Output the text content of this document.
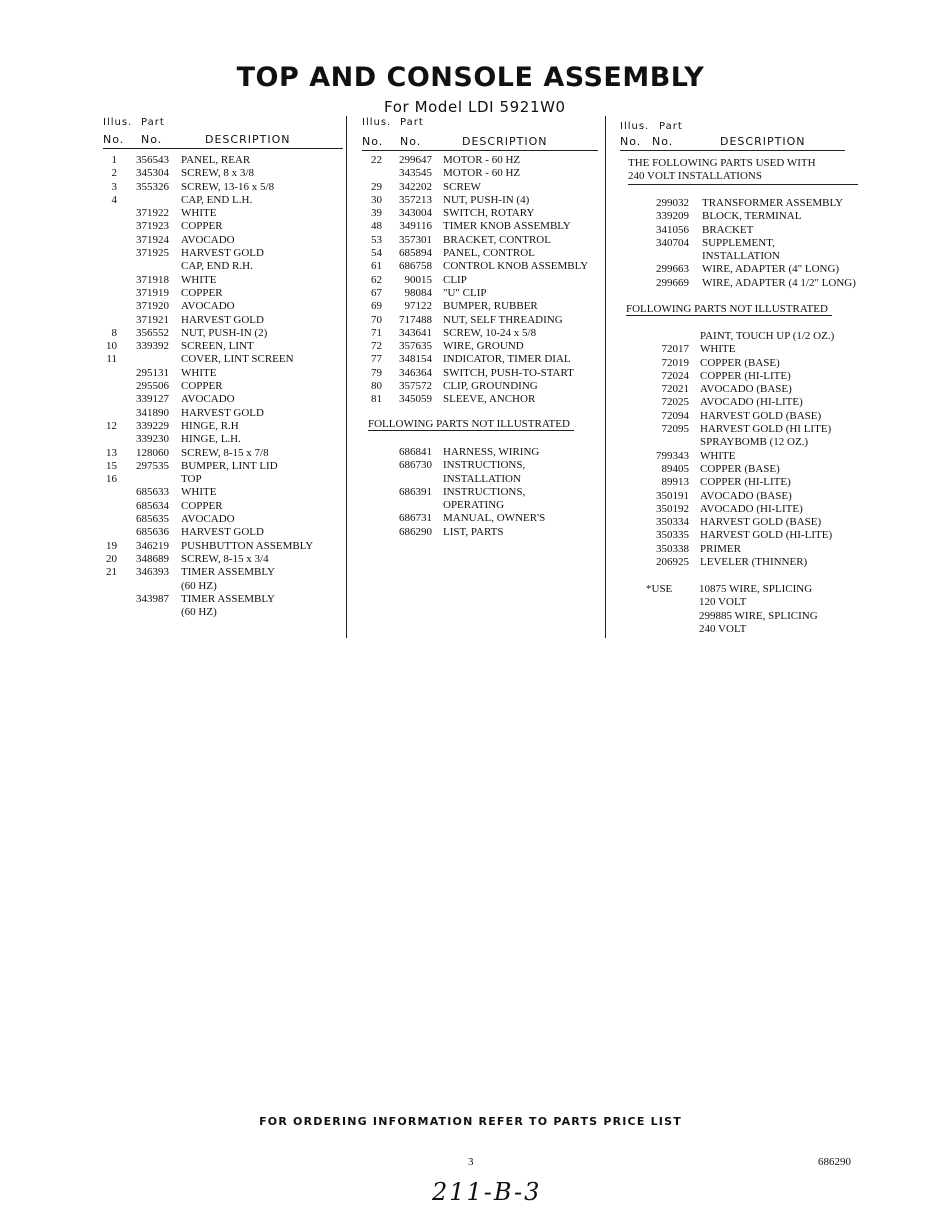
TOP AND CONSOLE ASSEMBLY
For Model LDI 5921W0
Illus. Part
No. No.	DESCRIPTION
1	356543 PANEL, REAR
2	345304 SCREW, 8 x 3/8
3	355326 SCREW, 13-16 x 5/8
4	CAP, END L.H.
371922 WHITE
371923 COPPER
371924 AVOCADO
371925 HARVEST GOLD
CAP, END R.H.
371918 WHITE
371919 COPPER
371920 AVOCADO
371921 HARVEST GOLD
8	356552 NUT, PUSH-IN (2)
10	339392 SCREEN, LINT
11	COVER, LINT SCREEN
295131 WHITE
295506 COPPER
339127 AVOCADO
341890 HARVEST GOLD
12	339229 HINGE, R.H
339230 HINGE, L.H.
13	128060 SCREW, 8-15 x 7/8
15	297535 BUMPER, LINT LID
16	TOP
685633 WHITE
685634 COPPER
685635 AVOCADO
685636 HARVEST GOLD
19	346219 PUSHBUTTON ASSEMBLY
20	348689 SCREW, 8-15 x 3/4
21	346393 TIMER ASSEMBLY
(60 HZ)
343987 TIMER ASSEMBLY
(60 HZ)
Illus. Part
No. No.	DESCRIPTION
22	299647 MOTOR - 60 HZ
343545 MOTOR - 60 HZ
29	342202 SCREW
30	357213 NUT, PUSH-IN (4)
39	343004 SWITCH, ROTARY
48	349116 TIMER KNOB ASSEMBLY
53	357301 BRACKET, CONTROL
54	685894 PANEL, CONTROL
61	686758 CONTROL KNOB ASSEMBLY
62	90015 CLIP
67	98084 "U" CLIP
69	97122 BUMPER, RUBBER
70	717488 NUT, SELF THREADING
71	343641 SCREW, 10-24 x 5/8
72	357635 WIRE, GROUND
77	348154 INDICATOR, TIMER DIAL
79	346364 SWITCH, PUSH-TO-START
80	357572 CLIP, GROUNDING
81	345059 SLEEVE, ANCHOR
FOLLOWING PARTS NOT ILLUSTRATED
686841 HARNESS, WIRING
686730 INSTRUCTIONS,
INSTALLATION
686391 INSTRUCTIONS,
OPERATING
686731 MANUAL, OWNER'S
686290 LIST, PARTS
Illus. Part
No. No.	DESCRIPTION
THE FOLLOWING PARTS USED WITH
240 VOLT INSTALLATIONS
299032 TRANSFORMER ASSEMBLY
339209 BLOCK, TERMINAL
341056 BRACKET
340704 SUPPLEMENT,
INSTALLATION
299663 WIRE, ADAPTER (4" LONG)
299669 WIRE, ADAPTER (4 1/2" LONG)
FOLLOWING PARTS NOT ILLUSTRATED
PAINT, TOUCH UP (1/2 OZ.)
72017 WHITE
72019 COPPER (BASE)
72024 COPPER (HI-LITE)
72021 AVOCADO (BASE)
72025 AVOCADO (HI-LITE)
72094 HARVEST GOLD (BASE)
72095 HARVEST GOLD (HI LITE)
SPRAYBOMB (12 OZ.)
799343 WHITE
89405 COPPER (BASE)
89913 COPPER (HI-LITE)
350191 AVOCADO (BASE)
350192 AVOCADO (HI-LITE)
350334 HARVEST GOLD (BASE)
350335 HARVEST GOLD (HI-LITE)
350338 PRIMER
206925 LEVELER (THINNER)
*USE 10875 WIRE, SPLICING
120 VOLT
299885 WIRE, SPLICING
240 VOLT
FOR ORDERING INFORMATION REFER TO PARTS PRICE LIST
3	686290
211-B-3
